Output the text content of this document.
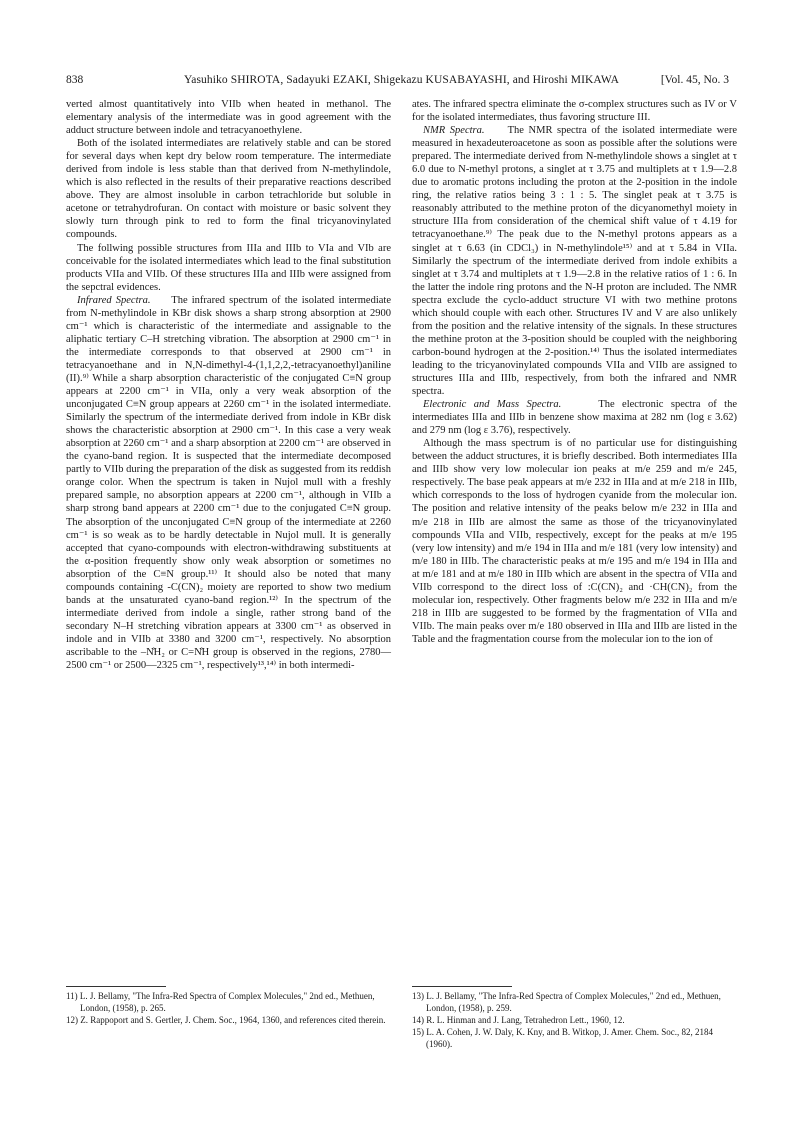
838	Yasuhiko SHIROTA, Sadayuki EZAKI, Shigekazu KUSABAYASHI, and Hiroshi MIKAWA	[Vol. 45, No. 3

verted almost quantitatively into VIIb when heated in methanol. The elementary analysis of the intermediate was in good agreement with the adduct structure between indole and tetracyanoethylene.

Both of the isolated intermediates are relatively stable and can be stored for several days when kept dry below room temperature. The intermediate derived from indole is less stable than that derived from N-methylindole, which is also reflected in the results of their preparative reactions described above. They are almost insoluble in carbon tetrachloride but soluble in acetone or tetrahydrofuran. On contact with moisture or basic solvent they slowly turn through pink to red to form the final tricyanovinylated compounds.

The follwing possible structures from IIIa and IIIb to VIa and VIb are conceivable for the isolated intermediates which lead to the final substitution products VIIa and VIIb. Of these structures IIIa and IIIb were assigned from the sepctral evidences.

Infrared Spectra. The infrared spectrum of the isolated intermediate from N-methylindole in KBr disk shows a sharp strong absorption at 2900 cm⁻¹ which is characteristic of the intermediate and assignable to the aliphatic tertiary C–H stretching vibration. The absorption at 2900 cm⁻¹ in the intermediate corresponds to that observed at 2900 cm⁻¹ in tetracyanoethane and in N,N-dimethyl-4-(1,1,2,2,-tetracyanoethyl)aniline (II).⁹⁾ While a sharp absorption characteristic of the conjugated C≡N group appears at 2200 cm⁻¹ in VIIa, only a very weak absorption of the unconjugated C≡N group appears at 2260 cm⁻¹ in the isolated intermediate. Similarly the spectrum of the intermediate derived from indole in KBr disk shows the characteristic absorption at 2900 cm⁻¹. In this case a very weak absorption at 2260 cm⁻¹ and a sharp absorption at 2200 cm⁻¹ are observed in the cyano-band region. It is suspected that the intermediate decomposed partly to VIIb during the preparation of the disk as suggested from its reddish orange color. When the spectrum is taken in Nujol mull with a freshly prepared sample, no absorption appears at 2200 cm⁻¹, although in VIIb a sharp strong band appears at 2200 cm⁻¹ due to the conjugated C≡N group. The absorption of the unconjugated C≡N group of the intermediate at 2260 cm⁻¹ is so weak as to be hardly detectable in Nujol mull. It is generally accepted that cyano-compounds with electron-withdrawing substituents at the α-position frequently show only weak absorption or sometimes no absorption of the C≡N group.¹¹⁾ It should also be noted that many compounds containing -C(CN)₂ moiety are reported to show two medium bands at the unsaturated cyano-band region.¹²⁾ In the spectrum of the intermediate derived from indole a single, rather strong band of the secondary N–H stretching vibration appears at 3300 cm⁻¹ as observed in indole and in VIIb at 3380 and 3200 cm⁻¹, respectively. No absorption ascribable to the –N̊H₂ or C=N̊H group is observed in the regions, 2780—2500 cm⁻¹ or 2500—2325 cm⁻¹, respectively¹³,¹⁴⁾ in both intermedi-

ates. The infrared spectra eliminate the σ-complex structures such as IV or V for the isolated intermediates, thus favoring structure III.

NMR Spectra. The NMR spectra of the isolated intermediate were measured in hexadeuteroacetone as soon as possible after the solutions were prepared. The intermediate derived from N-methylindole shows a singlet at τ 6.0 due to N-methyl protons, a singlet at τ 3.75 and multiplets at τ 1.9—2.8 due to aromatic protons including the proton at the 2-position in the indole ring, the relative ratios being 3 : 1 : 5. The singlet peak at τ 3.75 is reasonably attributed to the methine proton of the dicyanomethyl moiety in structure IIIa from consideration of the chemical shift value of τ 4.19 for tetracyanoethane.⁹⁾ The peak due to the N-methyl protons appears as a singlet at τ 6.63 (in CDCl₃) in N-methylindole¹⁵⁾ and at τ 5.84 in VIIa. Similarly the spectrum of the intermediate derived from indole exhibits a singlet at τ 3.74 and multiplets at τ 1.9—2.8 in the relative ratios of 1 : 6. In the latter the indole ring protons and the N-H proton are included. The NMR spectra exclude the cyclo-adduct structure VI with two methine protons which should couple with each other. Structures IV and V are also unlikely from the position and the relative intensity of the signals. In these structures the methine proton at the 3-position should be coupled with the neighboring carbon-bound hydrogen at the 2-position.¹⁴⁾ Thus the isolated intermediates leading to the tricyanovinylated compounds VIIa and VIIb are assigned to structures IIIa and IIIb, respectively, from both the infrared and NMR spectra.

Electronic and Mass Spectra.	The electronic spectra of the intermediates IIIa and IIIb in benzene show maxima at 282 nm (log ε 3.62) and 279 nm (log ε 3.76), respectively.

Although the mass spectrum is of no particular use for distinguishing between the adduct structures, it is briefly described. Both intermediates IIIa and IIIb show very low molecular ion peaks at m/e 259 and m/e 245, respectively. The base peak appears at m/e 232 in IIIa and at m/e 218 in IIIb, which corresponds to the loss of hydrogen cyanide from the molecular ion. The position and relative intensity of the peaks below m/e 232 in IIIa and m/e 218 in IIIb are almost the same as those of the tricyanovinylated compounds VIIa and VIIb, respectively, except for the peaks at m/e 195 (very low intensity) and m/e 194 in IIIa and m/e 181 (very low intensity) and m/e 180 in IIIb. The characteristic peaks at m/e 195 and m/e 194 in IIIa and at m/e 181 and at m/e 180 in IIIb which are absent in the spectra of VIIa and VIIb correspond to the direct loss of :C(CN)₂ and ·CH(CN)₂ from the molecular ion, respectively. Other fragments below m/e 232 in IIIa and m/e 218 in IIIb are suggested to be formed by the fragmentation of VIIa and VIIb. The main peaks over m/e 180 observed in IIIa and IIIb are listed in the Table and the fragmentation course from the molecular ion to the ion of

11) L. J. Bellamy, "The Infra-Red Spectra of Complex Molecules," 2nd ed., Methuen, London, (1958), p. 265.

12) Z. Rappoport and S. Gertler, J. Chem. Soc., 1964, 1360, and references cited therein.

13) L. J. Bellamy, "The Infra-Red Spectra of Complex Molecules," 2nd ed., Methuen, London, (1958), p. 259.

14) R. L. Hinman and J. Lang, Tetrahedron Lett., 1960, 12.

15) L. A. Cohen, J. W. Daly, K. Kny, and B. Witkop, J. Amer. Chem. Soc., 82, 2184 (1960).
